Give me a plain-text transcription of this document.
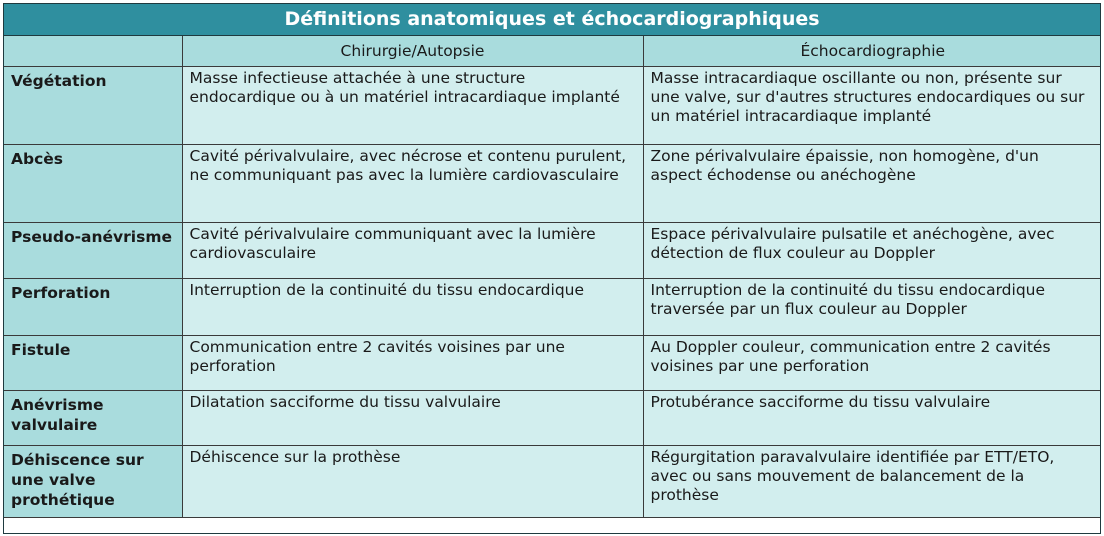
Définitions anatomiques et échocardiographiques
	Chirurgie/Autopsie	Échocardiographie
Végétation	Masse infectieuse attachée à une structure endocardique ou à un matériel intracardiaque implanté	Masse intracardiaque oscillante ou non, présente sur une valve, sur d'autres structures endocardiques ou sur un matériel intracardiaque implanté
Abcès	Cavité périvalvulaire, avec nécrose et contenu purulent, ne communiquant pas avec la lumière cardiovasculaire	Zone périvalvulaire épaissie, non homogène, d'un aspect échodense ou anéchogène
Pseudo-anévrisme	Cavité périvalvulaire communiquant avec la lumière cardiovasculaire	Espace périvalvulaire pulsatile et anéchogène, avec détection de flux couleur au Doppler
Perforation	Interruption de la continuité du tissu endocardique	Interruption de la continuité du tissu endocardique traversée par un flux couleur au Doppler
Fistule	Communication entre 2 cavités voisines par une perforation	Au Doppler couleur, communication entre 2 cavités voisines par une perforation
Anévrisme valvulaire	Dilatation sacciforme du tissu valvulaire	Protubérance sacciforme du tissu valvulaire
Déhiscence sur une valve prothétique	Déhiscence sur la prothèse	Régurgitation paravalvulaire identifiée par ETT/ETO, avec ou sans mouvement de balancement de la prothèse
